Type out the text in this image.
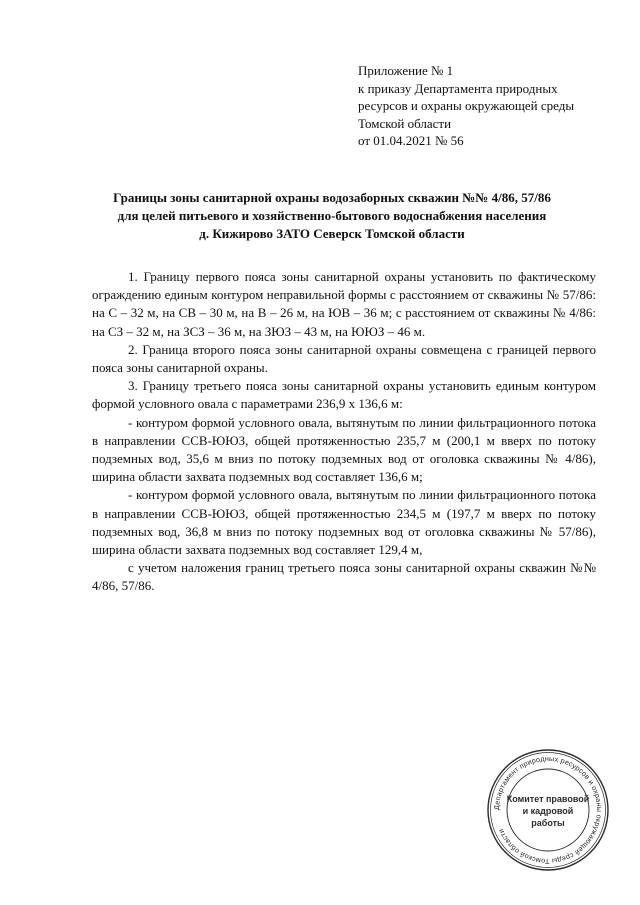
Приложение № 1
к приказу Департамента природных
ресурсов и охраны окружающей среды
Томской области
от 01.04.2021 № 56
Границы зоны санитарной охраны водозаборных скважин №№ 4/86, 57/86
для целей питьевого и хозяйственно-бытового водоснабжения населения
д. Кижирово ЗАТО Северск Томской области

1. Границу первого пояса зоны санитарной охраны установить по фактическому ограждению единым контуром неправильной формы с расстоянием от скважины № 57/86: на С – 32 м, на СВ – 30 м, на В – 26 м, на ЮВ – 36 м; с расстоянием от скважины № 4/86: на СЗ – 32 м, на ЗСЗ – 36 м, на ЗЮЗ – 43 м, на ЮЮЗ – 46 м.

2. Граница второго пояса зоны санитарной охраны совмещена с границей первого пояса зоны санитарной охраны.

3. Границу третьего пояса зоны санитарной охраны установить единым контуром формой условного овала с параметрами 236,9 х 136,6 м:

- контуром формой условного овала, вытянутым по линии фильтрационного потока в направлении ССВ-ЮЮЗ, общей протяженностью 235,7 м (200,1 м вверх по потоку подземных вод, 35,6 м вниз по потоку подземных вод от оголовка скважины № 4/86), ширина области захвата подземных вод составляет 136,6 м;

- контуром формой условного овала, вытянутым по линии фильтрационного потока в направлении ССВ-ЮЮЗ, общей протяженностью 234,5 м (197,7 м вверх по потоку подземных вод, 36,8 м вниз по потоку подземных вод от оголовка скважины № 57/86), ширина области захвата подземных вод составляет 129,4 м,

с учетом наложения границ третьего пояса зоны санитарной охраны скважин №№ 4/86, 57/86.

Департамент природных ресурсов и охраны окружающей среды Томской области
Комитет правовой
и кадровой
работы
